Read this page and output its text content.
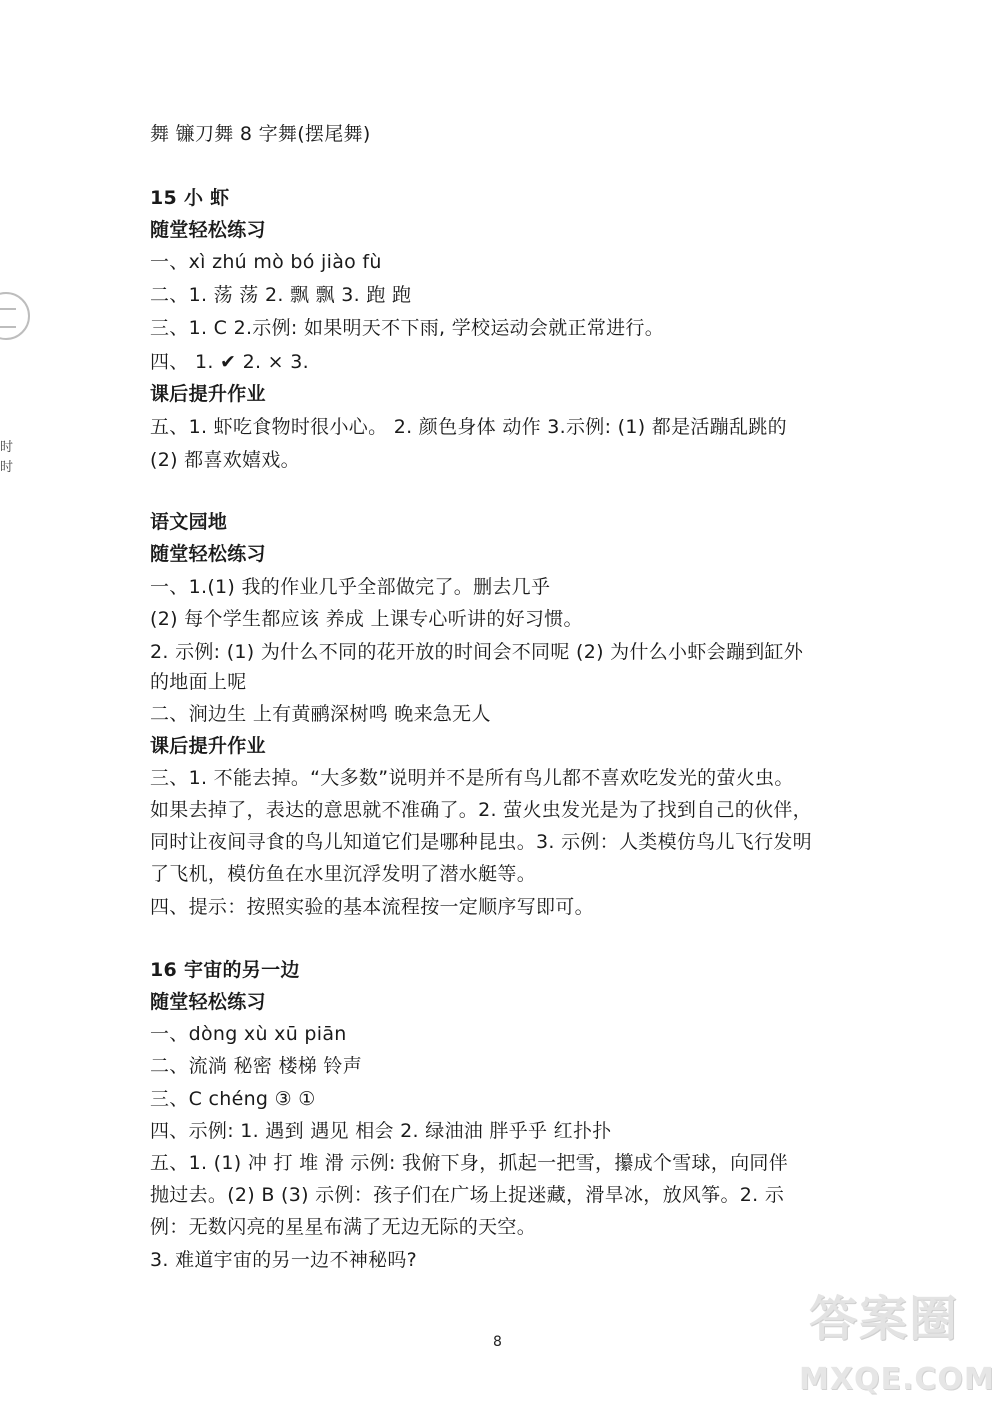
舞 镰刀舞 8 字舞(摆尾舞)
15 小 虾
随堂轻松练习
一、xì zhú mò bó jiào fù
二、1. 荡 荡 2. 飘 飘 3. 跑 跑
三、1. C 2.示例: 如果明天不下雨, 学校运动会就正常进行。
四、 1. ✔ 2. × 3.
课后提升作业
五、1. 虾吃食物时很小心。 2. 颜色身体 动作 3.示例: (1) 都是活蹦乱跳的
(2) 都喜欢嬉戏。
语文园地
随堂轻松练习
一、1.(1) 我的作业几乎全部做完了。删去几乎
(2) 每个学生都应该 养成 上课专心听讲的好习惯。
2. 示例: (1) 为什么不同的花开放的时间会不同呢 (2) 为什么小虾会蹦到缸外
的地面上呢
二、涧边生 上有黄鹂深树鸣 晚来急无人
课后提升作业
三、1. 不能去掉。“大多数”说明并不是所有鸟儿都不喜欢吃发光的萤火虫。
如果去掉了，表达的意思就不准确了。2. 萤火虫发光是为了找到自己的伙伴，
同时让夜间寻食的鸟儿知道它们是哪种昆虫。3. 示例：人类模仿鸟儿飞行发明
了飞机，模仿鱼在水里沉浮发明了潜水艇等。
四、提示：按照实验的基本流程按一定顺序写即可。
16 宇宙的另一边
随堂轻松练习
一、dòng xù xū piān
二、流淌 秘密 楼梯 铃声
三、C chéng ③ ①
四、示例: 1. 遇到 遇见 相会 2. 绿油油 胖乎乎 红扑扑
五、1. (1) 冲 打 堆 滑 示例: 我俯下身，抓起一把雪，攥成个雪球，向同伴
抛过去。(2) B (3) 示例：孩子们在广场上捉迷藏，滑旱冰，放风筝。2. 示
例：无数闪亮的星星布满了无边无际的天空。
3. 难道宇宙的另一边不神秘吗?
8
时
时
答案圈
MXQE.COM
